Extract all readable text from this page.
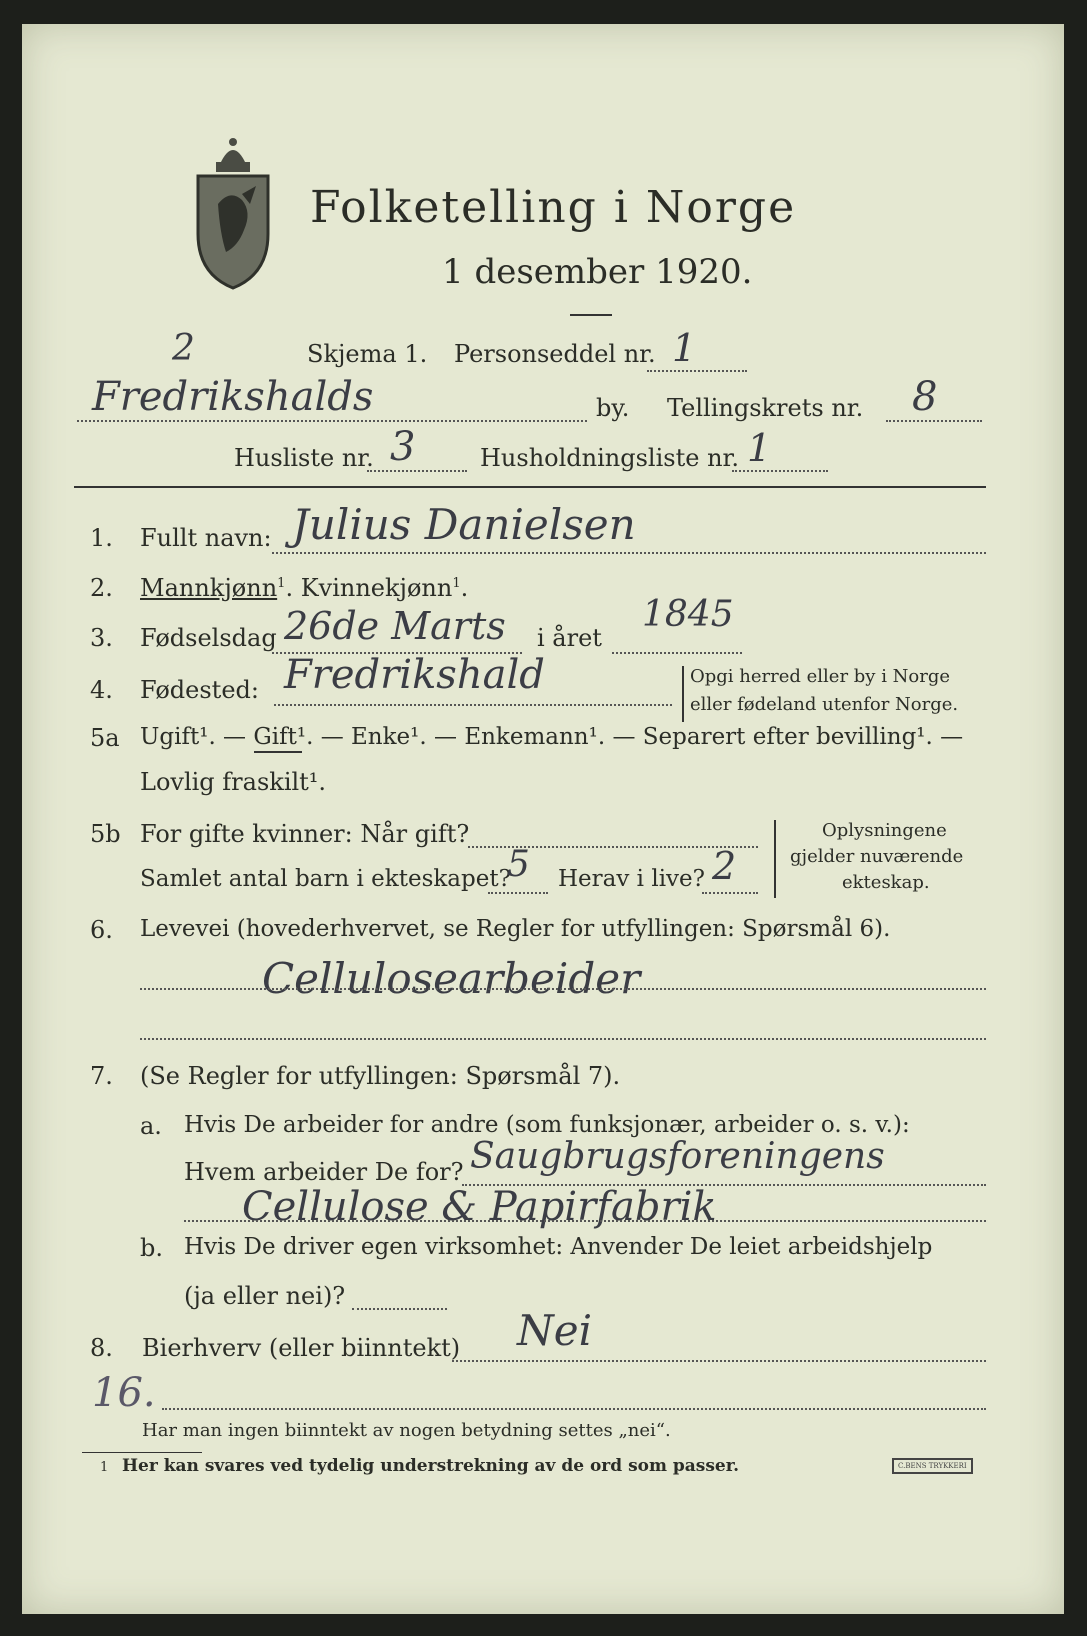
Folketelling i Norge
1 desember 1920.
2	Skjema 1. Personseddel nr. 1
Fredrikshalds	by. Tellingskrets nr. 8
Husliste nr. 3	Husholdningsliste nr. 1
1. Fullt navn: Julius Danielsen
2. Mannkjønn$^1$. Kvinnekjønn$^1$.
3. Fødselsdag 26de Marts i året
1845
4. Fødested: Fredrikshald	Opgi herred eller by i Norge
eller fødeland utenfor Norge.
5a Ugift¹. — Gift¹. — Enke¹. — Enkemann¹. — Separert efter bevilling¹. —
Lovlig fraskilt¹.
5b For gifte kvinner: Når gift?
Samlet antal barn i ekteskapet?
5 Herav i live? 2
Oplysningene
gjelder nuværende
ekteskap.
6. Levevei (hovederhvervet, se Regler for utfyllingen: Spørsmål 6).
Cellulosearbeider
7. (Se Regler for utfyllingen: Spørsmål 7).
a. Hvis De arbeider for andre (som funksjonær, arbeider o. s. v.):
Hvem arbeider De for? Saugbrugsforeningens
Cellulose & Papirfabrik
b. Hvis De driver egen virksomhet: Anvender De leiet arbeidshjelp
(ja eller nei)?
8. Bierhverv (eller biinntekt) Nei
16.
Har man ingen biinntekt av nogen betydning settes „nei“.
1 Her kan svares ved tydelig understrekning av de ord som passer.	C.BENS TRYKKERI
